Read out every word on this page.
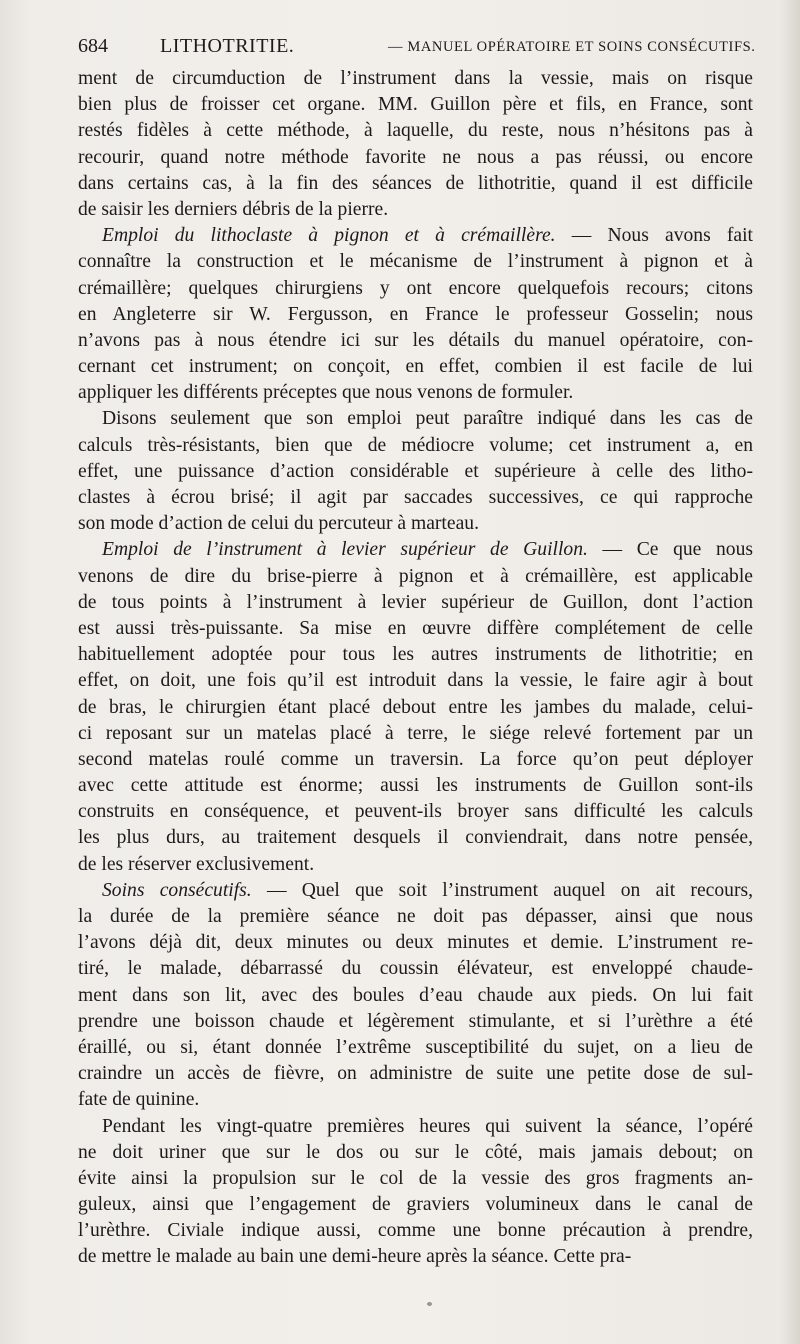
684	LITHOTRITIE.	— MANUEL OPÉRATOIRE ET SOINS CONSÉCUTIFS.
ment de circumduction de l’instrument dans la vessie, mais on risque
bien plus de froisser cet organe. MM. Guillon père et fils, en France, sont
restés fidèles à cette méthode, à laquelle, du reste, nous n’hésitons pas à
recourir, quand notre méthode favorite ne nous a pas réussi, ou encore
dans certains cas, à la fin des séances de lithotritie, quand il est difficile
de saisir les derniers débris de la pierre.
Emploi du lithoclaste à pignon et à crémaillère. — Nous avons fait
connaître la construction et le mécanisme de l’instrument à pignon et à
crémaillère; quelques chirurgiens y ont encore quelquefois recours; citons
en Angleterre sir W. Fergusson, en France le professeur Gosselin; nous
n’avons pas à nous étendre ici sur les détails du manuel opératoire, con-
cernant cet instrument; on conçoit, en effet, combien il est facile de lui
appliquer les différents préceptes que nous venons de formuler.
Disons seulement que son emploi peut paraître indiqué dans les cas de
calculs très-résistants, bien que de médiocre volume; cet instrument a, en
effet, une puissance d’action considérable et supérieure à celle des litho-
clastes à écrou brisé; il agit par saccades successives, ce qui rapproche
son mode d’action de celui du percuteur à marteau.
Emploi de l’instrument à levier supérieur de Guillon. — Ce que nous
venons de dire du brise-pierre à pignon et à crémaillère, est applicable
de tous points à l’instrument à levier supérieur de Guillon, dont l’action
est aussi très-puissante. Sa mise en œuvre diffère complétement de celle
habituellement adoptée pour tous les autres instruments de lithotritie; en
effet, on doit, une fois qu’il est introduit dans la vessie, le faire agir à bout
de bras, le chirurgien étant placé debout entre les jambes du malade, celui-
ci reposant sur un matelas placé à terre, le siége relevé fortement par un
second matelas roulé comme un traversin. La force qu’on peut déployer
avec cette attitude est énorme; aussi les instruments de Guillon sont-ils
construits en conséquence, et peuvent-ils broyer sans difficulté les calculs
les plus durs, au traitement desquels il conviendrait, dans notre pensée,
de les réserver exclusivement.
Soins consécutifs. — Quel que soit l’instrument auquel on ait recours,
la durée de la première séance ne doit pas dépasser, ainsi que nous
l’avons déjà dit, deux minutes ou deux minutes et demie. L’instrument re-
tiré, le malade, débarrassé du coussin élévateur, est enveloppé chaude-
ment dans son lit, avec des boules d’eau chaude aux pieds. On lui fait
prendre une boisson chaude et légèrement stimulante, et si l’urèthre a été
éraillé, ou si, étant donnée l’extrême susceptibilité du sujet, on a lieu de
craindre un accès de fièvre, on administre de suite une petite dose de sul-
fate de quinine.
Pendant les vingt-quatre premières heures qui suivent la séance, l’opéré
ne doit uriner que sur le dos ou sur le côté, mais jamais debout; on
évite ainsi la propulsion sur le col de la vessie des gros fragments an-
guleux, ainsi que l’engagement de graviers volumineux dans le canal de
l’urèthre. Civiale indique aussi, comme une bonne précaution à prendre,
de mettre le malade au bain une demi-heure après la séance. Cette pra-
